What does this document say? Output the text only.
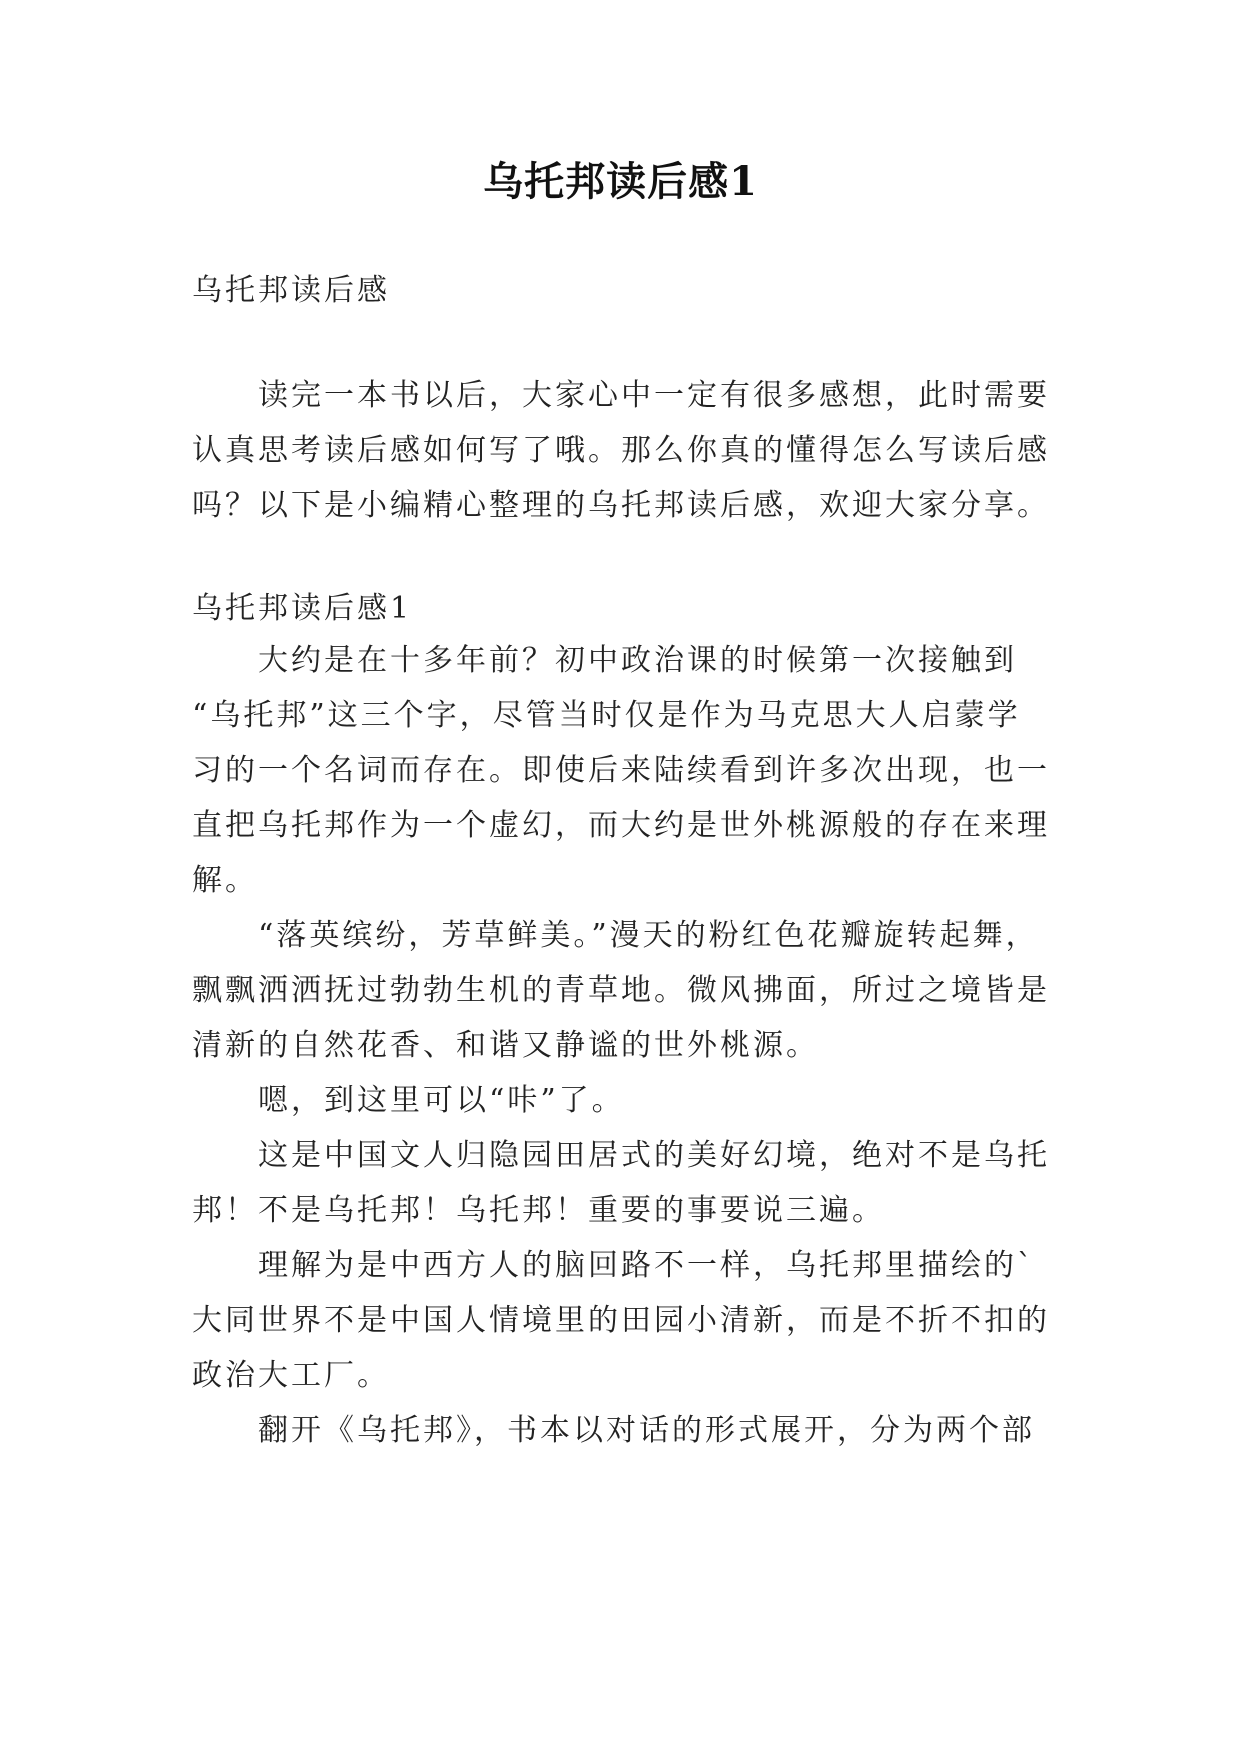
乌托邦读后感1
乌托邦读后感
读完一本书以后，大家心中一定有很多感想，此时需要
认真思考读后感如何写了哦。那么你真的懂得怎么写读后感
吗？以下是小编精心整理的乌托邦读后感，欢迎大家分享。
乌托邦读后感1
大约是在十多年前？初中政治课的时候第一次接触到
“乌托邦”这三个字，尽管当时仅是作为马克思大人启蒙学
习的一个名词而存在。即使后来陆续看到许多次出现，也一
直把乌托邦作为一个虚幻，而大约是世外桃源般的存在来理
解。
“落英缤纷，芳草鲜美。”漫天的粉红色花瓣旋转起舞，
飘飘洒洒抚过勃勃生机的青草地。微风拂面，所过之境皆是
清新的自然花香、和谐又静谧的世外桃源。
嗯，到这里可以“咔”了。
这是中国文人归隐园田居式的美好幻境，绝对不是乌托
邦！不是乌托邦！乌托邦！重要的事要说三遍。
理解为是中西方人的脑回路不一样，乌托邦里描绘的`
大同世界不是中国人情境里的田园小清新，而是不折不扣的
政治大工厂。
翻开《乌托邦》，书本以对话的形式展开，分为两个部
